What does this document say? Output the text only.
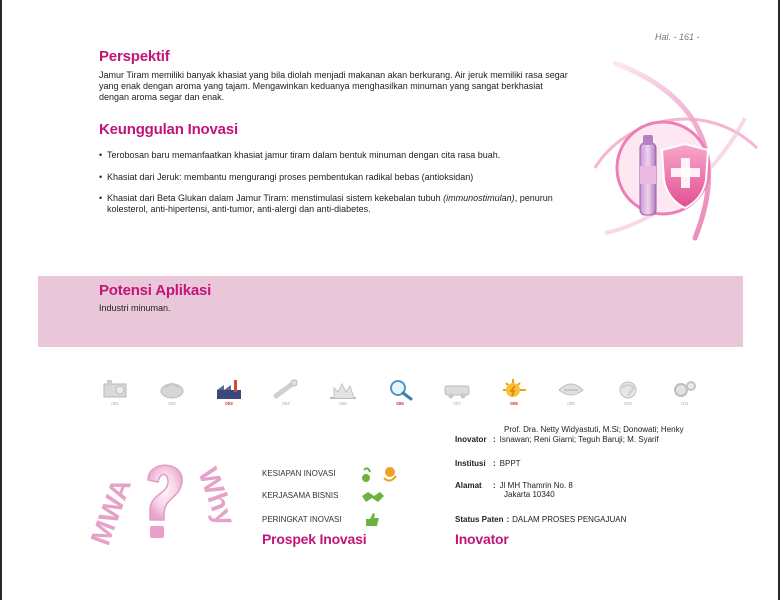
Hal. - 161 -
Perspektif

Jamur Tiram memiliki banyak khasiat yang bila diolah menjadi makanan akan berkurang. Air jeruk memiliki rasa segar yang enak dengan aroma yang tajam. Mengawinkan keduanya menghasilkan minuman yang sangat berkhasiat dengan aroma segar dan enak.

Keunggulan Inovasi
• Terobosan baru memanfaatkan khasiat jamur tiram dalam bentuk minuman dengan cita rasa buah.
• Khasiat dari Jeruk: membantu mengurangi proses pembentukan radikal bebas (antioksidan)
• Khasiat dari Beta Glukan dalam Jamur Tiram: menstimulasi sistem kekebalan tubuh (immunostimulan), penurun kolesterol, anti-hipertensi, anti-tumor, anti-alergi dan anti-diabetes.
Potensi Aplikasi
Industri minuman.
001	002	003	004	005	006	007	008	009	010	011
MWA Why	KESIAPAN INOVASI
KERJASAMA BISNIS
PERINGKAT INOVASI
Prospek Inovasi
Prof. Dra. Netty Widyastuti, M.Si; Donowati; Henky
Inovator : Isnawan; Reni Giarni; Teguh Baruji; M. Syarif
Institusi : BPPT
Alamat : Jl MH Thamrin No. 8
Jakarta 10340
Status Paten : DALAM PROSES PENGAJUAN
Inovator
